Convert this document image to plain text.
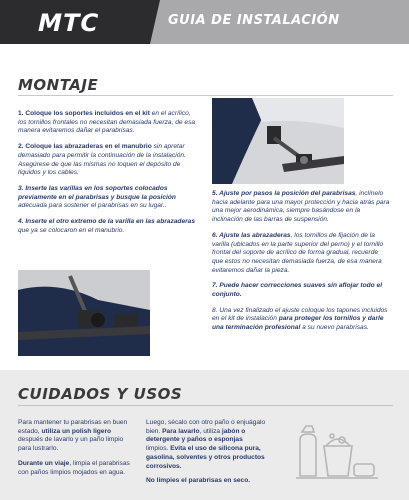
MTC	GUIA DE INSTALACIÓN
MONTAJE

1. Coloque los soportes incluidos en el kit en el acrílico, los tornillos frontales no necesitan demasiada fuerza, de esa manera evitaremos dañar el parabrisas.

2. Coloque las abrazaderas en el manubrio sin apretar demasiado para permitir la continuación de la instalación. Asegúrese de que las mismas no toquen el depósito de líquidos y los cables.

3. Inserte las varillas en los soportes colocados previamente en el parabrisas y busque la posición adecuada para sostener el parabrisas en su lugar..

4. Inserte el otro extremo de la varilla en las abrazaderas que ya se colocaron en el manubrio.

5. Ajuste por pasos la posición del parabrisas, inclínelo hacia adelante para una mayor protección y hacia atrás para una mejor aerodinámica, siempre basándose en la inclinación de las barras de suspensión.

6. Ajuste las abrazaderas, los tornillos de fijación de la varilla (ubicados en la parte superior del perno) y el tornillo frontal del soporte de acrílico de forma gradual, recuerde que estos no necesitan demasiada fuerza, de esa manera evitaremos dañar la pieza.

7. Puede hacer correcciones suaves sin aflojar todo el conjunto.

8. Una vez finalizado el ajuste coloque los tapones incluidos en el kit de instalación para proteger los tornillos y darle una terminación profesional a su nuevo parabrisas.

CUIDADOS Y USOS

Para mantener tu parabrisas en buen estado, utiliza un polish ligero después de lavarlo y un paño limpio para lustrarlo.

Durante un viaje, limpia el parabrisas con paños limpios mojados en agua.

Luego, sécalo con otro paño o enjuágalo bien. Para lavarlo, utiliza jabón o detergente y paños o esponjas limpios. Evita el uso de silicona pura, gasolina, solventes y otros productos corrosivos.

No limpies el parabrisas en seco.
